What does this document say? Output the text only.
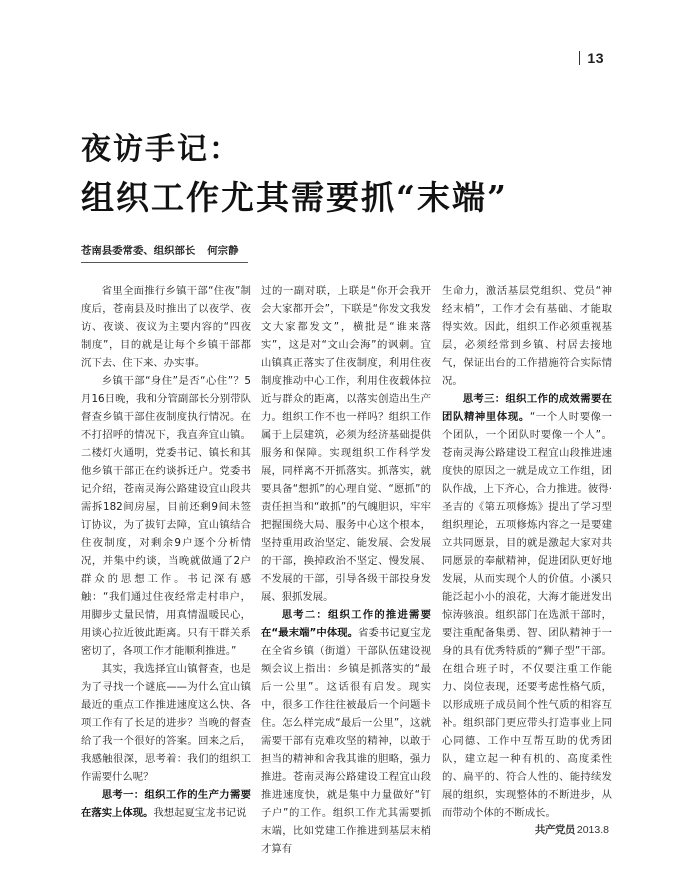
13
夜访手记：
组织工作尤其需要抓“末端”
苍南县委常委、组织部长 何宗静

省里全面推行乡镇干部“住夜”制度后，苍南县及时推出了以夜学、夜访、夜谈、夜议为主要内容的“四夜制度”，目的就是让每个乡镇干部都沉下去、住下来、办实事。

乡镇干部“身住”是否“心住”？5月16日晚，我和分管副部长分别带队督查乡镇干部住夜制度执行情况。在不打招呼的情况下，我直奔宜山镇。二楼灯火通明，党委书记、镇长和其他乡镇干部正在约谈拆迁户。党委书记介绍，苍南灵海公路建设宜山段共需拆182间房屋，目前还剩9间未签订协议，为了拔钉去障，宜山镇结合住夜制度，对剩余9户逐个分析情况，并集中约谈，当晚就做通了2户群众的思想工作。书记深有感触：“我们通过住夜经常走村串户，用脚步丈量民情，用真情温暖民心，用谈心拉近彼此距离。只有干群关系密切了，各项工作才能顺利推进。”

其实，我选择宜山镇督查，也是为了寻找一个谜底——为什么宜山镇最近的重点工作推进速度这么快、各项工作有了长足的进步？当晚的督查给了我一个很好的答案。回来之后，我感触很深，思考着：我们的组织工作需要什么呢？

思考一：组织工作的生产力需要在落实上体现。我想起夏宝龙书记说

过的一副对联，上联是“你开会我开会大家都开会”，下联是“你发文我发文大家都发文”，横批是“谁来落实”，这是对“文山会海”的讽刺。宜山镇真正落实了住夜制度，利用住夜制度推动中心工作，利用住夜载体拉近与群众的距离，以落实创造出生产力。组织工作不也一样吗？组织工作属于上层建筑，必须为经济基础提供服务和保障。实现组织工作科学发展，同样离不开抓落实。抓落实，就要具备“想抓”的心理自觉、“愿抓”的责任担当和“敢抓”的气魄胆识，牢牢把握围绕大局、服务中心这个根本，坚持重用政治坚定、能发展、会发展的干部，换掉政治不坚定、慢发展、不发展的干部，引导各级干部投身发展、狠抓发展。

思考二：组织工作的推进需要在“最末端”中体现。省委书记夏宝龙在全省乡镇（街道）干部队伍建设视频会议上指出：乡镇是抓落实的“最后一公里”。这话很有启发。现实中，很多工作往往被最后一个问题卡住。怎么样完成“最后一公里”，这就需要干部有克难攻坚的精神，以敢于担当的精神和舍我其谁的胆略，强力推进。苍南灵海公路建设工程宜山段推进速度快，就是集中力量做好“钉子户”的工作。组织工作尤其需要抓末端，比如党建工作推进到基层末梢才算有

生命力，激活基层党组织、党员“神经末梢”，工作才会有基础、才能取得实效。因此，组织工作必须重视基层，必须经常到乡镇、村居去接地气，保证出台的工作措施符合实际情况。

思考三：组织工作的成效需要在团队精神里体现。“一个人时要像一个团队，一个团队时要像一个人”。苍南灵海公路建设工程宜山段推进速度快的原因之一就是成立工作组，团队作战，上下齐心，合力推进。彼得·圣吉的《第五项修炼》提出了学习型组织理论，五项修炼内容之一是要建立共同愿景，目的就是激起大家对共同愿景的奉献精神，促进团队更好地发展，从而实现个人的价值。小溪只能泛起小小的浪花，大海才能迸发出惊涛骇浪。组织部门在选派干部时，要注重配备集勇、智、团队精神于一身的具有优秀特质的“狮子型”干部。在组合班子时，不仅要注重工作能力、岗位表现，还要考虑性格气质，以形成班子成员间个性气质的相容互补。组织部门更应带头打造事业上同心同德、工作中互帮互助的优秀团队，建立起一种有机的、高度柔性的、扁平的、符合人性的、能持续发展的组织，实现整体的不断进步，从而带动个体的不断成长。

共产党员 2013.8
